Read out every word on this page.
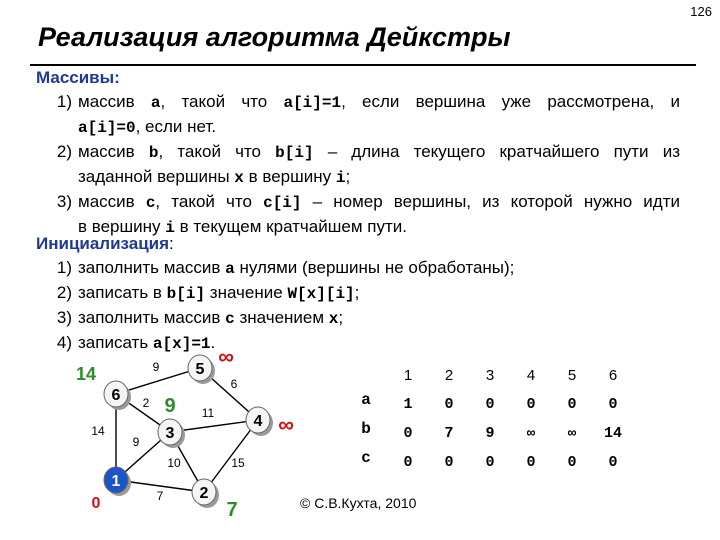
126
Реализация алгоритма Дейкстры
Массивы:
1) массив a, такой что a[i]=1, если вершина уже рассмотрена, и
a[i]=0, если нет.
2) массив b, такой что b[i] – длина текущего кратчайшего пути из
заданной вершины x в вершину i;
3) массив c, такой что c[i] – номер вершины, из которой нужно идти
в вершину i в текущем кратчайшем пути.
Инициализация:
1) заполнить массив a нулями (вершины не обработаны);
2) записать в b[i] значение W[x][i];
3) заполнить массив c значением x;
4) записать a[x]=1.
7
9
14
10	15
11
2
6
9
1
0
2
7
3
9
4 ∞
5
∞
6
14	1 2 3 4 5 6
a 1 0 0 0 0 0
b 0 7 9 ∞ ∞ 14
c 0 0 0 0 0 0
© С.В.Кухта, 2010
